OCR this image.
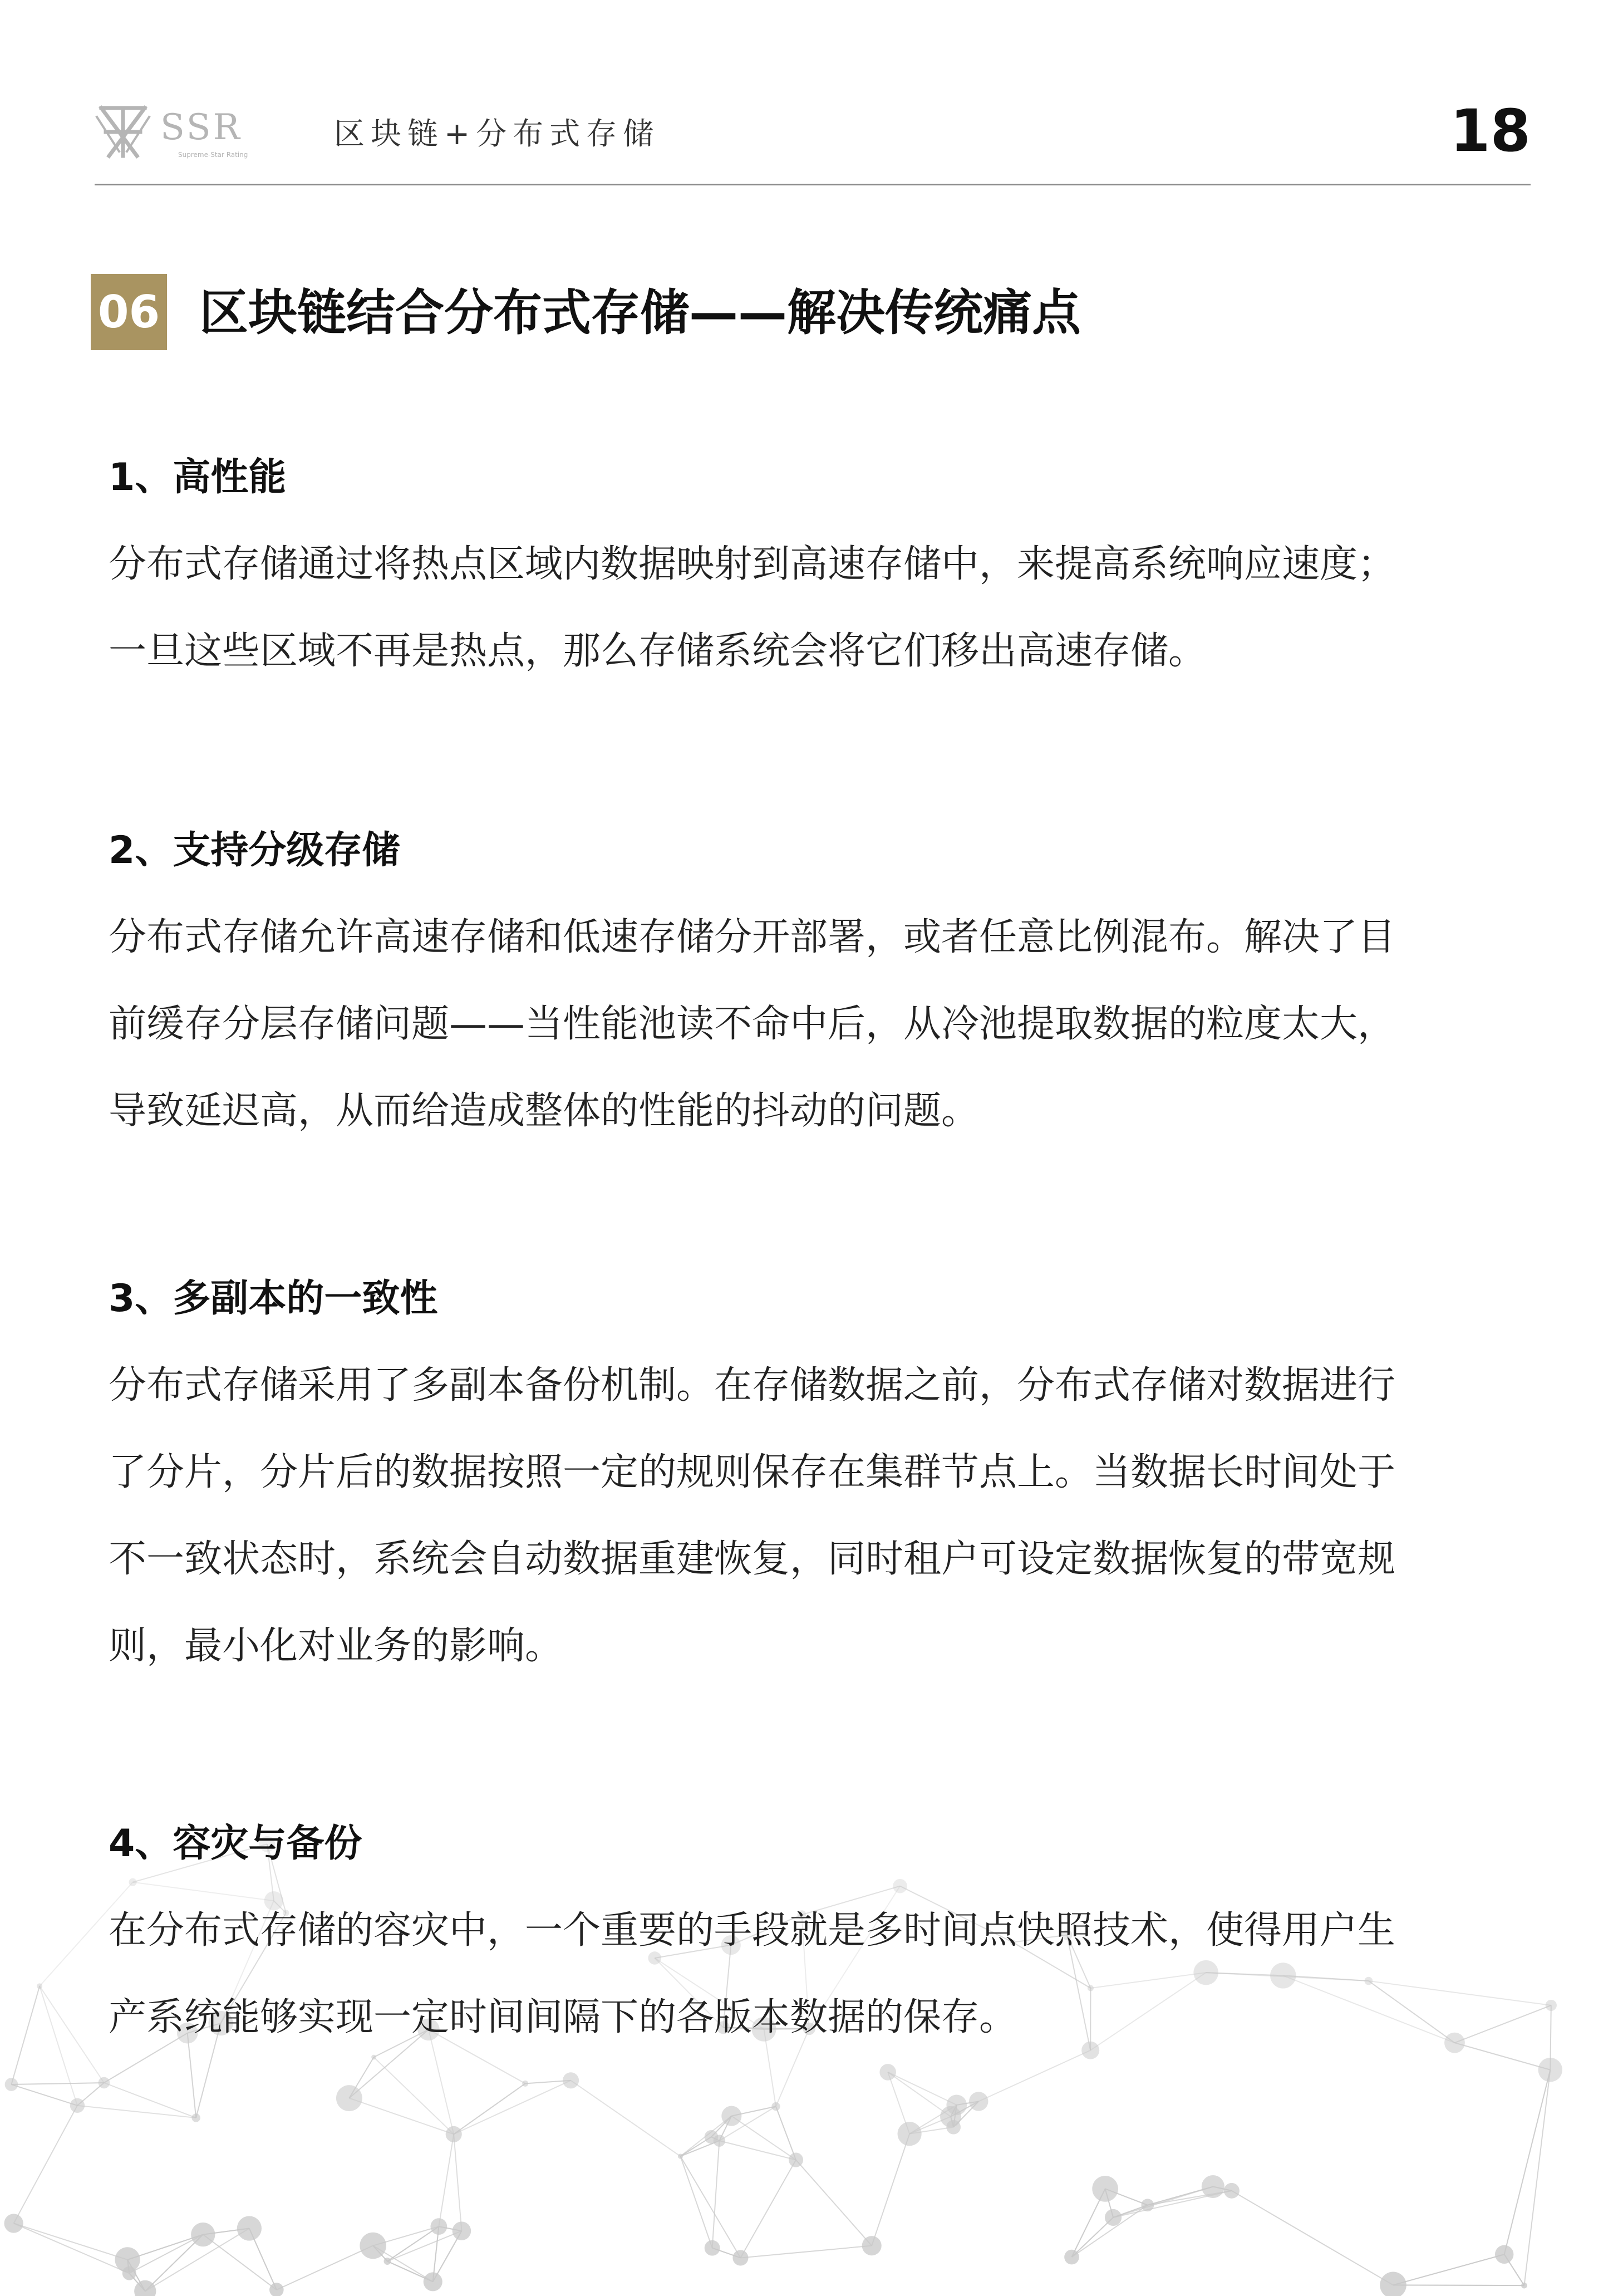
SSR
Supreme-Star Rating
区块链+分布式存储	18
06 区块链结合分布式存储——解决传统痛点
1、高性能

分布式存储通过将热点区域内数据映射到高速存储中，来提高系统响应速度；

一旦这些区域不再是热点，那么存储系统会将它们移出高速存储。

2、支持分级存储

分布式存储允许高速存储和低速存储分开部署，或者任意比例混布。解决了目

前缓存分层存储问题——当性能池读不命中后，从冷池提取数据的粒度太大，

导致延迟高，从而给造成整体的性能的抖动的问题。

3、多副本的一致性

分布式存储采用了多副本备份机制。在存储数据之前，分布式存储对数据进行

了分片，分片后的数据按照一定的规则保存在集群节点上。当数据长时间处于

不一致状态时，系统会自动数据重建恢复，同时租户可设定数据恢复的带宽规

则，最小化对业务的影响。

4、容灾与备份

在分布式存储的容灾中，一个重要的手段就是多时间点快照技术，使得用户生

产系统能够实现一定时间间隔下的各版本数据的保存。
